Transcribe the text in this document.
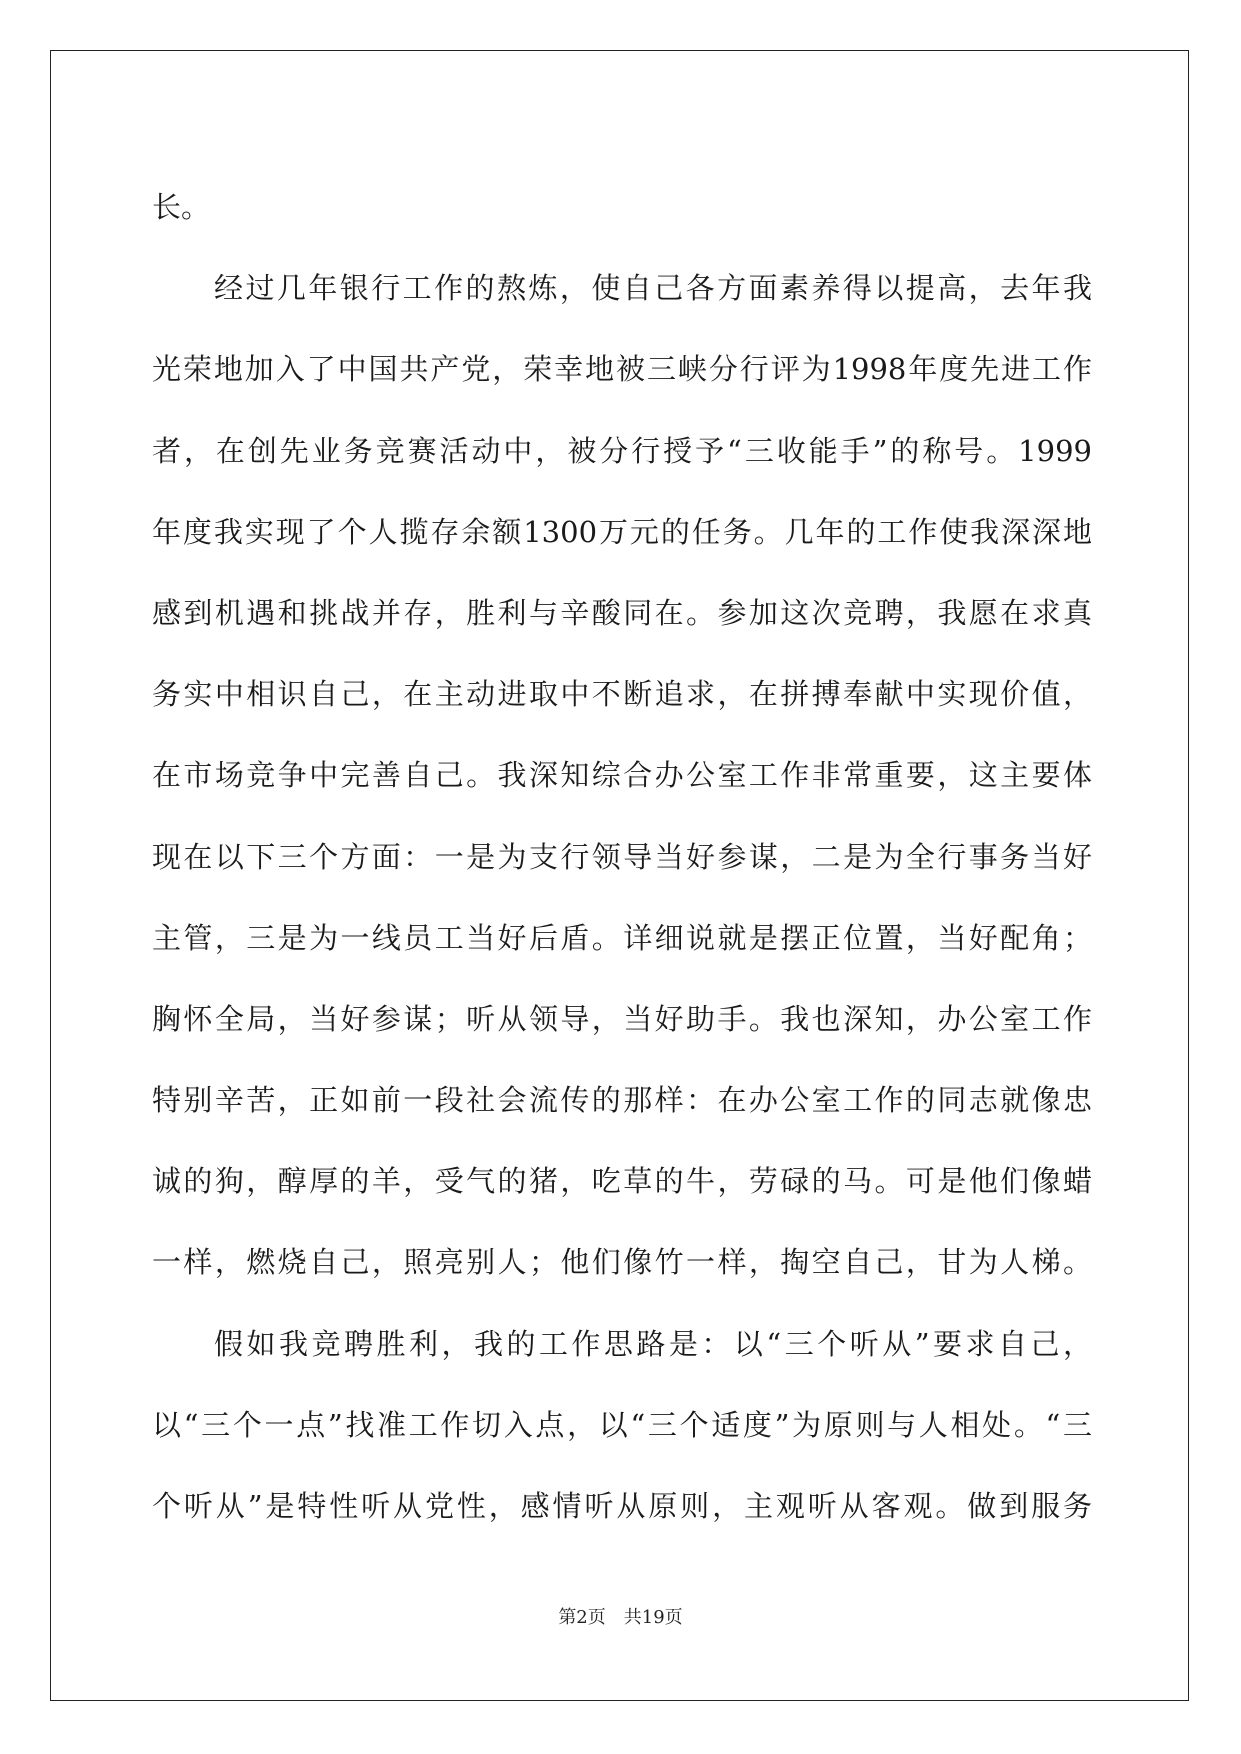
长。
经过几年银行工作的熬炼，使自己各方面素养得以提高，去年我
光荣地加入了中国共产党，荣幸地被三峡分行评为1998年度先进工作
者，在创先业务竞赛活动中，被分行授予“三收能手”的称号。1999
年度我实现了个人揽存余额1300万元的任务。几年的工作使我深深地
感到机遇和挑战并存，胜利与辛酸同在。参加这次竞聘，我愿在求真
务实中相识自己，在主动进取中不断追求，在拼搏奉献中实现价值，
在市场竞争中完善自己。我深知综合办公室工作非常重要，这主要体
现在以下三个方面：一是为支行领导当好参谋，二是为全行事务当好
主管，三是为一线员工当好后盾。详细说就是摆正位置，当好配角；
胸怀全局，当好参谋；听从领导，当好助手。我也深知，办公室工作
特别辛苦，正如前一段社会流传的那样：在办公室工作的同志就像忠
诚的狗，醇厚的羊，受气的猪，吃草的牛，劳碌的马。可是他们像蜡
一样，燃烧自己，照亮别人；他们像竹一样，掏空自己，甘为人梯。
假如我竞聘胜利，我的工作思路是：以“三个听从”要求自己，
以“三个一点”找准工作切入点，以“三个适度”为原则与人相处。“三
个听从”是特性听从党性，感情听从原则，主观听从客观。做到服务
第2页 共19页
